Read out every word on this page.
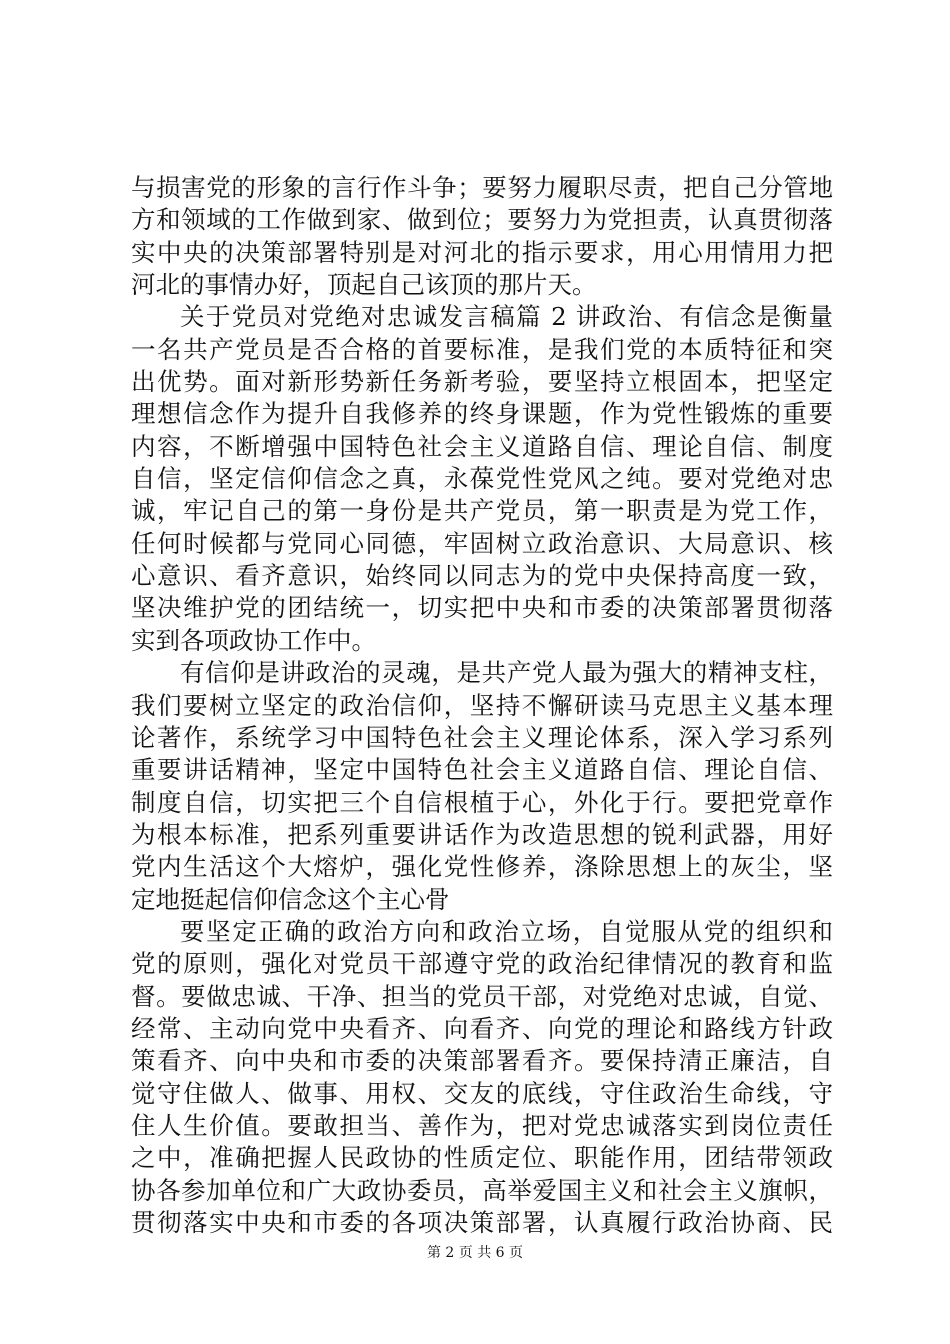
与损害党的形象的言行作斗争；要努力履职尽责，把自己分管地
方和领域的工作做到家、做到位；要努力为党担责，认真贯彻落
实中央的决策部署特别是对河北的指示要求，用心用情用力把
河北的事情办好，顶起自己该顶的那片天。
关于党员对党绝对忠诚发言稿篇 2 讲政治、有信念是衡量
一名共产党员是否合格的首要标准，是我们党的本质特征和突
出优势。面对新形势新任务新考验，要坚持立根固本，把坚定
理想信念作为提升自我修养的终身课题，作为党性锻炼的重要
内容，不断增强中国特色社会主义道路自信、理论自信、制度
自信，坚定信仰信念之真，永葆党性党风之纯。要对党绝对忠
诚，牢记自己的第一身份是共产党员，第一职责是为党工作，
任何时候都与党同心同德，牢固树立政治意识、大局意识、核
心意识、看齐意识，始终同以同志为的党中央保持高度一致，
坚决维护党的团结统一，切实把中央和市委的决策部署贯彻落
实到各项政协工作中。
有信仰是讲政治的灵魂，是共产党人最为强大的精神支柱，
我们要树立坚定的政治信仰，坚持不懈研读马克思主义基本理
论著作，系统学习中国特色社会主义理论体系，深入学习系列
重要讲话精神，坚定中国特色社会主义道路自信、理论自信、
制度自信，切实把三个自信根植于心，外化于行。要把党章作
为根本标准，把系列重要讲话作为改造思想的锐利武器，用好
党内生活这个大熔炉，强化党性修养，涤除思想上的灰尘，坚
定地挺起信仰信念这个主心骨
要坚定正确的政治方向和政治立场，自觉服从党的组织和
党的原则，强化对党员干部遵守党的政治纪律情况的教育和监
督。要做忠诚、干净、担当的党员干部，对党绝对忠诚，自觉、
经常、主动向党中央看齐、向看齐、向党的理论和路线方针政
策看齐、向中央和市委的决策部署看齐。要保持清正廉洁，自
觉守住做人、做事、用权、交友的底线，守住政治生命线，守
住人生价值。要敢担当、善作为，把对党忠诚落实到岗位责任
之中，准确把握人民政协的性质定位、职能作用，团结带领政
协各参加单位和广大政协委员，高举爱国主义和社会主义旗帜，
贯彻落实中央和市委的各项决策部署，认真履行政治协商、民
第 2 页 共 6 页
